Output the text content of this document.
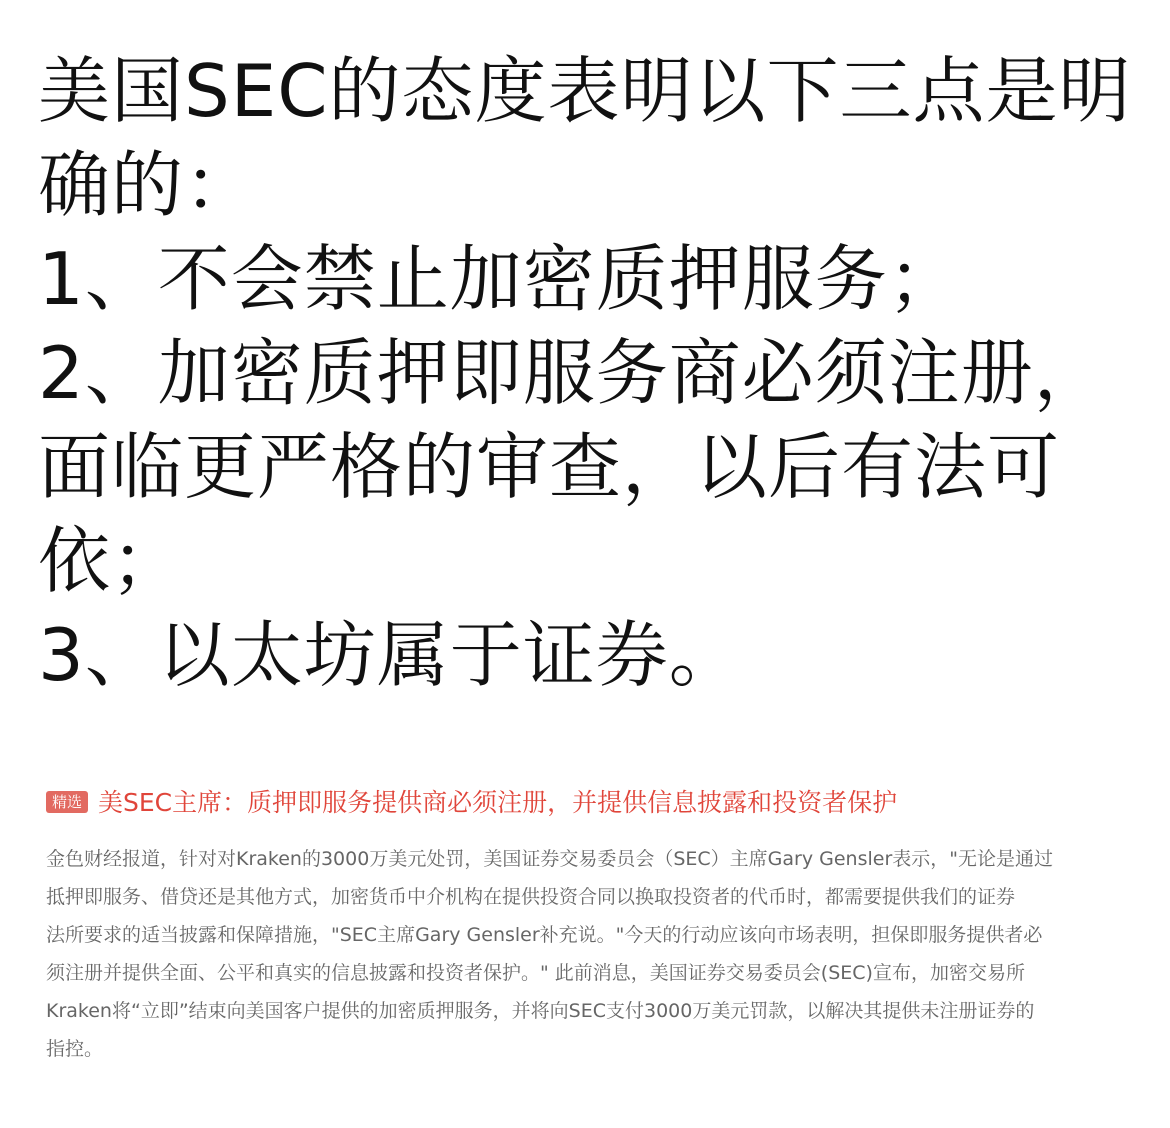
美国SEC的态度表明以下三点是明
确的：
1、不会禁止加密质押服务；
2、加密质押即服务商必须注册，
面临更严格的审查，以后有法可
依；
3、以太坊属于证券。
精选 美SEC主席：质押即服务提供商必须注册，并提供信息披露和投资者保护
金色财经报道，针对对Kraken的3000万美元处罚，美国证券交易委员会（SEC）主席Gary Gensler表示，"无论是通过
抵押即服务、借贷还是其他方式，加密货币中介机构在提供投资合同以换取投资者的代币时，都需要提供我们的证券
法所要求的适当披露和保障措施，"SEC主席Gary Gensler补充说。"今天的行动应该向市场表明，担保即服务提供者必
须注册并提供全面、公平和真实的信息披露和投资者保护。" 此前消息，美国证券交易委员会(SEC)宣布，加密交易所
Kraken将“立即”结束向美国客户提供的加密质押服务，并将向SEC支付3000万美元罚款，以解决其提供未注册证券的
指控。
